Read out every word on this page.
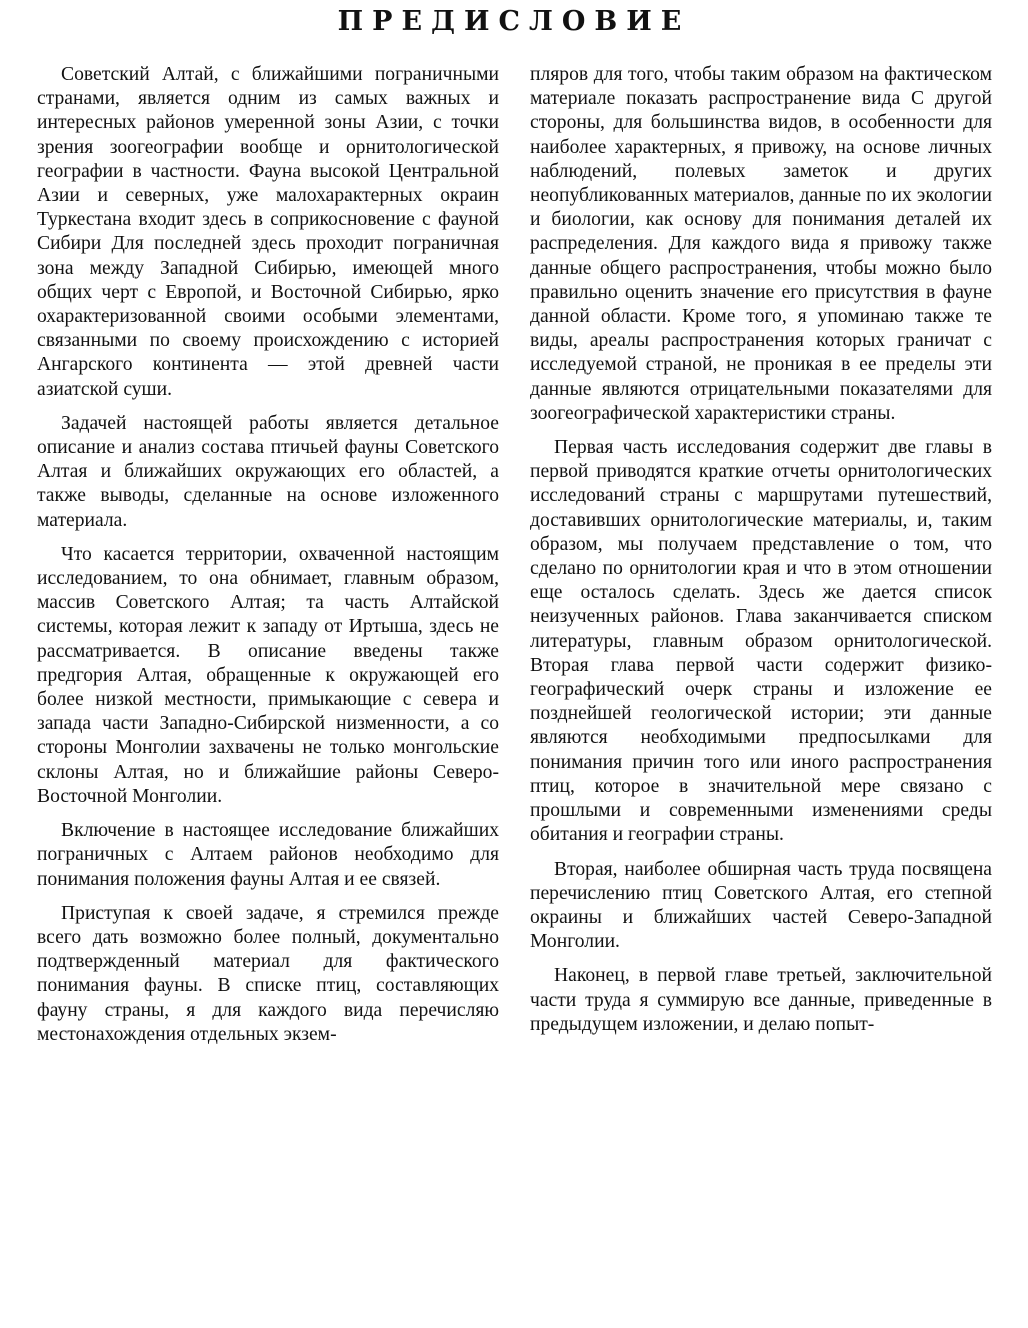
ПРЕДИСЛОВИЕ

Советский Алтай, с ближайшими пограничными странами, является одним из самых важных и интересных районов умеренной зоны Азии, с точки зрения зоогеографии вообще и орнитологической географии в частности. Фауна высокой Центральной Азии и северных, уже малохарактерных окраин Туркестана входит здесь в соприкосновение с фауной Сибири Для последней здесь проходит пограничная зона между Западной Сибирью, имеющей много общих черт с Европой, и Восточной Сибирью, ярко охарактеризованной своими особыми элементами, связанными по своему происхождению с историей Ангарского континента — этой древней части азиатской суши.

Задачей настоящей работы является детальное описание и анализ состава птичьей фауны Советского Алтая и ближайших окружающих его областей, а также выводы, сделанные на основе изложенного материала.

Что касается территории, охваченной настоящим исследованием, то она обнимает, главным образом, массив Советского Алтая; та часть Алтайской системы, которая лежит к западу от Иртыша, здесь не рассматривается. В описание введены также предгория Алтая, обращенные к окружающей его более низкой местности, примыкающие с севера и запада части Западно-Сибирской низменности, а со стороны Монголии захвачены не только монгольские склоны Алтая, но и ближайшие районы Северо-Восточной Монголии.

Включение в настоящее исследование ближайших пограничных с Алтаем районов необходимо для понимания положения фауны Алтая и ее связей.

Приступая к своей задаче, я стремился прежде всего дать возможно более полный, документально подтвержденный материал для фактического понимания фауны. В списке птиц, составляющих фауну страны, я для каждого вида перечисляю местонахождения отдельных экзем-

пляров для того, чтобы таким образом на фактическом материале показать распространение вида С другой стороны, для большинства видов, в особенности для наиболее характерных, я привожу, на основе личных наблюдений, полевых заметок и других неопубликованных материалов, данные по их экологии и биологии, как основу для понимания деталей их распределения. Для каждого вида я привожу также данные общего распространения, чтобы можно было правильно оценить значение его присутствия в фауне данной области. Кроме того, я упоминаю также те виды, ареалы распространения которых граничат с исследуемой страной, не проникая в ее пределы эти данные являются отрицательными показателями для зоогеографической характеристики страны.

Первая часть исследования содержит две главы в первой приводятся краткие отчеты орнитологических исследований страны с маршрутами путешествий, доставивших орнитологические материалы, и, таким образом, мы получаем представление о том, что сделано по орнитологии края и что в этом отношении еще осталось сделать. Здесь же дается список неизученных районов. Глава заканчивается списком литературы, главным образом орнитологической. Вторая глава первой части содержит физико-географический очерк страны и изложение ее позднейшей геологической истории; эти данные являются необходимыми предпосылками для понимания причин того или иного распространения птиц, которое в значительной мере связано с прошлыми и современными изменениями среды обитания и географии страны.

Вторая, наиболее обширная часть труда посвящена перечислению птиц Советского Алтая, его степной окраины и ближайших частей Северо-Западной Монголии.

Наконец, в первой главе третьей, заключительной части труда я суммирую все данные, приведенные в предыдущем изложении, и делаю попыт-
